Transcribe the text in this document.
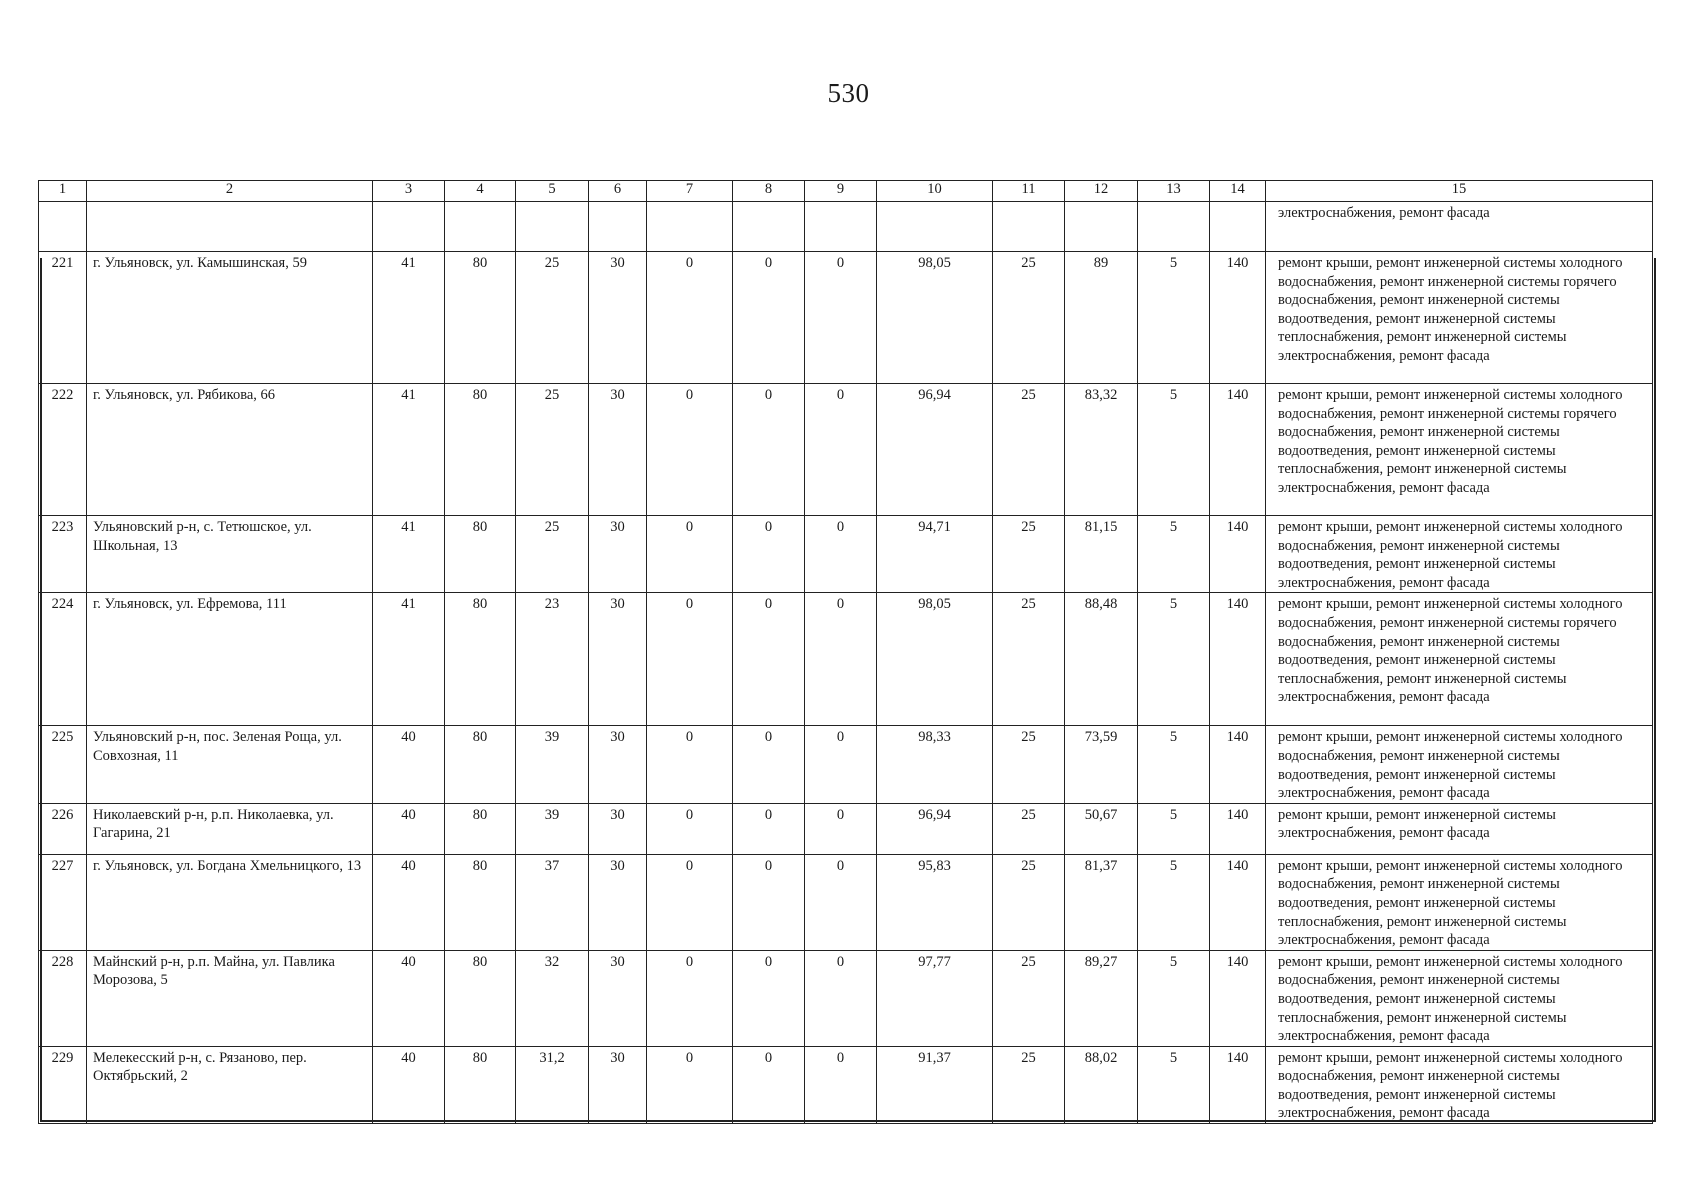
530
1	2	3	4	5	6	7	8	9	10	11	12	13	14	15
														электроснабжения, ремонт фасада
221	г. Ульяновск, ул. Камышинская, 59	41	80	25	30	0	0	0	98,05	25	89	5	140	ремонт крыши, ремонт инженерной системы холодного водоснабжения, ремонт инженерной системы горячего водоснабжения, ремонт инженерной системы водоотведения, ремонт инженерной системы теплоснабжения, ремонт инженерной системы электроснабжения, ремонт фасада
222	г. Ульяновск, ул. Рябикова, 66	41	80	25	30	0	0	0	96,94	25	83,32	5	140	ремонт крыши, ремонт инженерной системы холодного водоснабжения, ремонт инженерной системы горячего водоснабжения, ремонт инженерной системы водоотведения, ремонт инженерной системы теплоснабжения, ремонт инженерной системы электроснабжения, ремонт фасада
223	Ульяновский р-н, с. Тетюшское, ул. Школьная, 13	41	80	25	30	0	0	0	94,71	25	81,15	5	140	ремонт крыши, ремонт инженерной системы холодного водоснабжения, ремонт инженерной системы водоотведения, ремонт инженерной системы электроснабжения, ремонт фасада
224	г. Ульяновск, ул. Ефремова, 111	41	80	23	30	0	0	0	98,05	25	88,48	5	140	ремонт крыши, ремонт инженерной системы холодного водоснабжения, ремонт инженерной системы горячего водоснабжения, ремонт инженерной системы водоотведения, ремонт инженерной системы теплоснабжения, ремонт инженерной системы электроснабжения, ремонт фасада
225	Ульяновский р-н, пос. Зеленая Роща, ул. Совхозная, 11	40	80	39	30	0	0	0	98,33	25	73,59	5	140	ремонт крыши, ремонт инженерной системы холодного водоснабжения, ремонт инженерной системы водоотведения, ремонт инженерной системы электроснабжения, ремонт фасада
226	Николаевский р-н, р.п. Николаевка, ул. Гагарина, 21	40	80	39	30	0	0	0	96,94	25	50,67	5	140	ремонт крыши, ремонт инженерной системы электроснабжения, ремонт фасада
227	г. Ульяновск, ул. Богдана Хмельницкого, 13	40	80	37	30	0	0	0	95,83	25	81,37	5	140	ремонт крыши, ремонт инженерной системы холодного водоснабжения, ремонт инженерной системы водоотведения, ремонт инженерной системы теплоснабжения, ремонт инженерной системы электроснабжения, ремонт фасада
228	Майнский р-н, р.п. Майна, ул. Павлика Морозова, 5	40	80	32	30	0	0	0	97,77	25	89,27	5	140	ремонт крыши, ремонт инженерной системы холодного водоснабжения, ремонт инженерной системы водоотведения, ремонт инженерной системы теплоснабжения, ремонт инженерной системы электроснабжения, ремонт фасада
229	Мелекесский р-н, с. Рязаново, пер. Октябрьский, 2	40	80	31,2	30	0	0	0	91,37	25	88,02	5	140	ремонт крыши, ремонт инженерной системы холодного водоснабжения, ремонт инженерной системы водоотведения, ремонт инженерной системы электроснабжения, ремонт фасада
